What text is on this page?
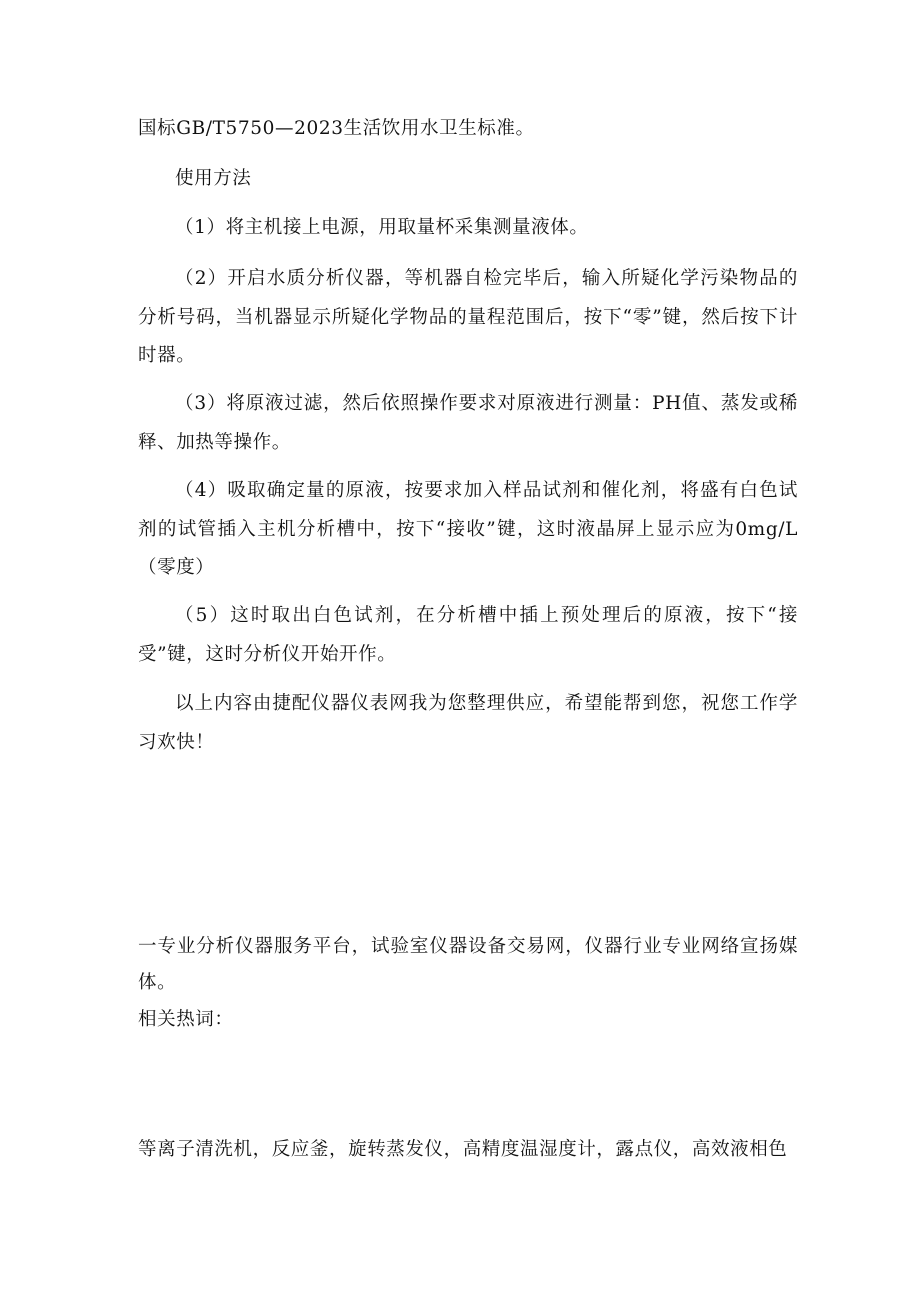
国标GB/T5750—2023生活饮用水卫生标准。

使用方法

（1）将主机接上电源，用取量杯采集测量液体。

（2）开启水质分析仪器，等机器自检完毕后，输入所疑化学污染物品的分析号码，当机器显示所疑化学物品的量程范围后，按下“零”键，然后按下计时器。

（3）将原液过滤，然后依照操作要求对原液进行测量：PH值、蒸发或稀释、加热等操作。

（4）吸取确定量的原液，按要求加入样品试剂和催化剂，将盛有白色试剂的试管插入主机分析槽中，按下“接收”键，这时液晶屏上显示应为0mg/L（零度）

（5）这时取出白色试剂，在分析槽中插上预处理后的原液，按下“接受”键，这时分析仪开始开作。

以上内容由捷配仪器仪表网我为您整理供应，希望能帮到您，祝您工作学习欢快！

一专业分析仪器服务平台，试验室仪器设备交易网，仪器行业专业网络宣扬媒体。

相关热词：

等离子清洗机，反应釜，旋转蒸发仪，高精度温湿度计，露点仪，高效液相色
